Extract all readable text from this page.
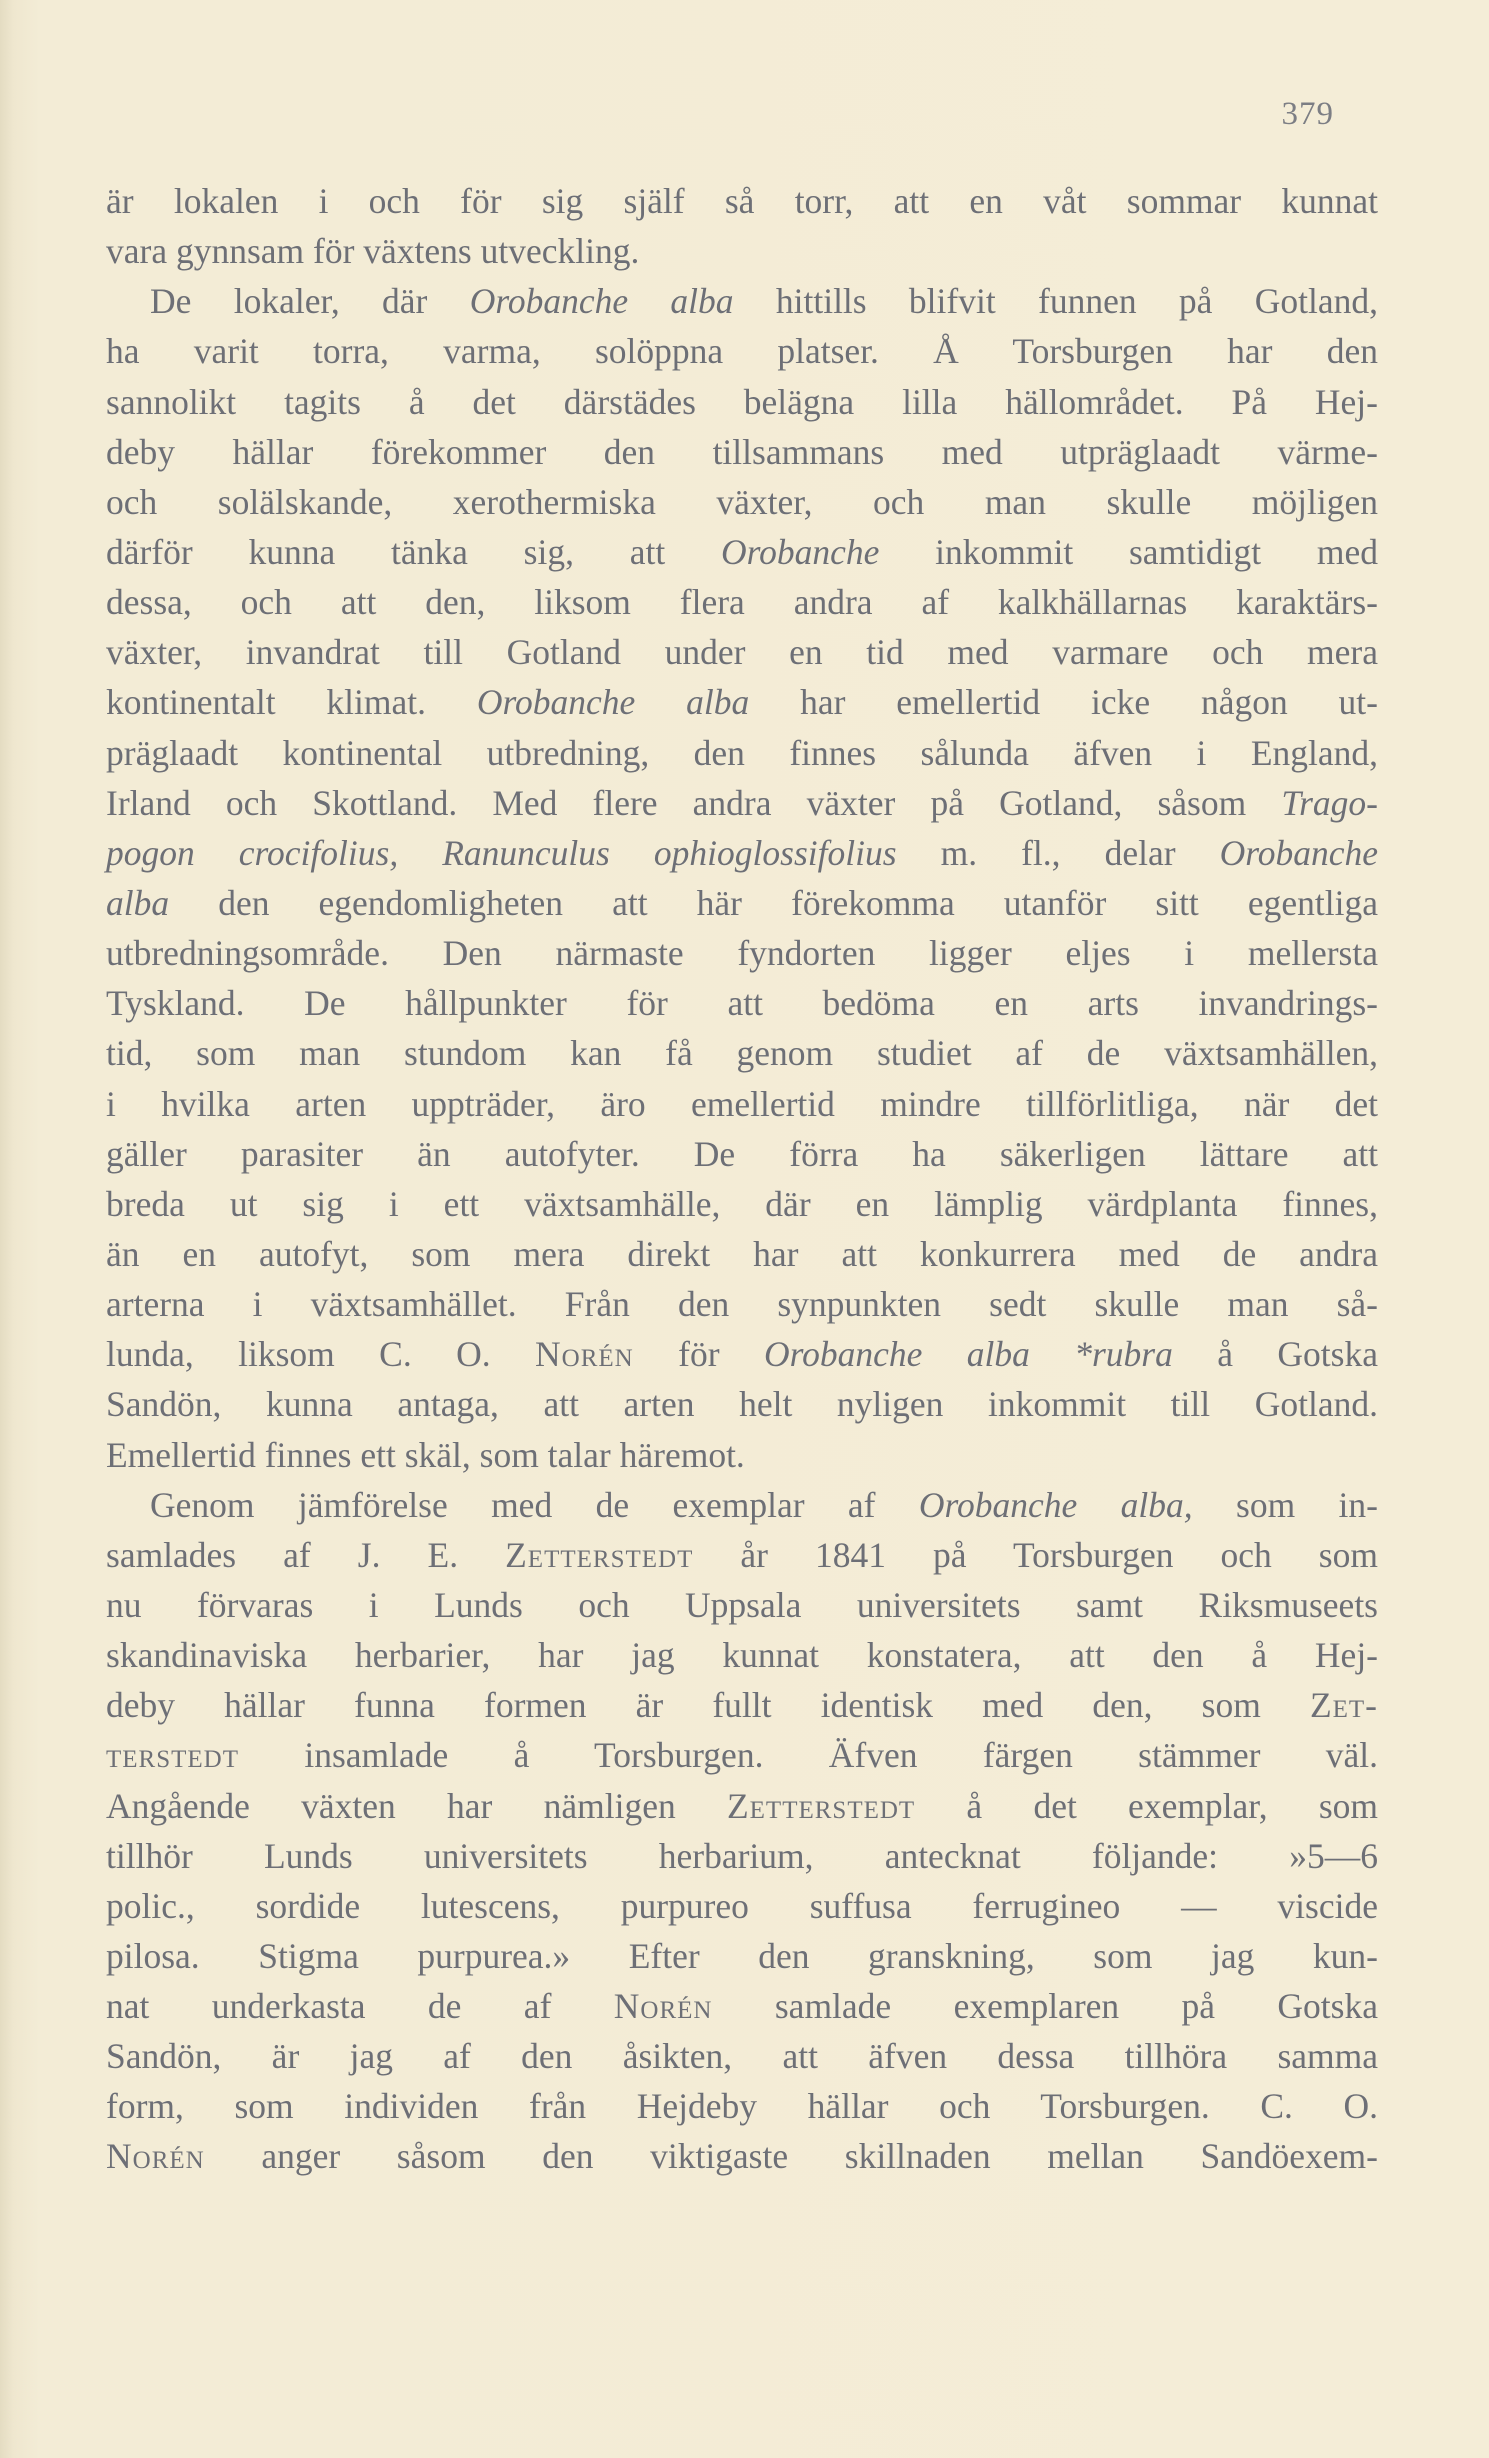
379
är lokalen i och för sig själf så torr, att en våt sommar kunnat
vara gynnsam för växtens utveckling.
De lokaler, där Orobanche alba hittills blifvit funnen på Gotland,
ha varit torra, varma, solöppna platser. Å Torsburgen har den
sannolikt tagits å det därstädes belägna lilla hällområdet. På Hej-
deby hällar förekommer den tillsammans med utpräglaadt värme-
och solälskande, xerothermiska växter, och man skulle möjligen
därför kunna tänka sig, att Orobanche inkommit samtidigt med
dessa, och att den, liksom flera andra af kalkhällarnas karaktärs-
växter, invandrat till Gotland under en tid med varmare och mera
kontinentalt klimat. Orobanche alba har emellertid icke någon ut-
präglaadt kontinental utbredning, den finnes sålunda äfven i England,
Irland och Skottland. Med flere andra växter på Gotland, såsom Trago-
pogon crocifolius, Ranunculus ophioglossifolius m. fl., delar Orobanche
alba den egendomligheten att här förekomma utanför sitt egentliga
utbredningsområde. Den närmaste fyndorten ligger eljes i mellersta
Tyskland. De hållpunkter för att bedöma en arts invandrings-
tid, som man stundom kan få genom studiet af de växtsamhällen,
i hvilka arten uppträder, äro emellertid mindre tillförlitliga, när det
gäller parasiter än autofyter. De förra ha säkerligen lättare att
breda ut sig i ett växtsamhälle, där en lämplig värdplanta finnes,
än en autofyt, som mera direkt har att konkurrera med de andra
arterna i växtsamhället. Från den synpunkten sedt skulle man så-
lunda, liksom C. O. Norén för Orobanche alba *rubra å Gotska
Sandön, kunna antaga, att arten helt nyligen inkommit till Gotland.
Emellertid finnes ett skäl, som talar häremot.
Genom jämförelse med de exemplar af Orobanche alba, som in-
samlades af J. E. Zetterstedt år 1841 på Torsburgen och som
nu förvaras i Lunds och Uppsala universitets samt Riksmuseets
skandinaviska herbarier, har jag kunnat konstatera, att den å Hej-
deby hällar funna formen är fullt identisk med den, som Zet-
terstedt insamlade å Torsburgen. Äfven färgen stämmer väl.
Angående växten har nämligen Zetterstedt å det exemplar, som
tillhör Lunds universitets herbarium, antecknat följande: »5—6
polic., sordide lutescens, purpureo suffusa ferrugineo — viscide
pilosa. Stigma purpurea.» Efter den granskning, som jag kun-
nat underkasta de af Norén samlade exemplaren på Gotska
Sandön, är jag af den åsikten, att äfven dessa tillhöra samma
form, som individen från Hejdeby hällar och Torsburgen. C. O.
Norén anger såsom den viktigaste skillnaden mellan Sandöexem-
